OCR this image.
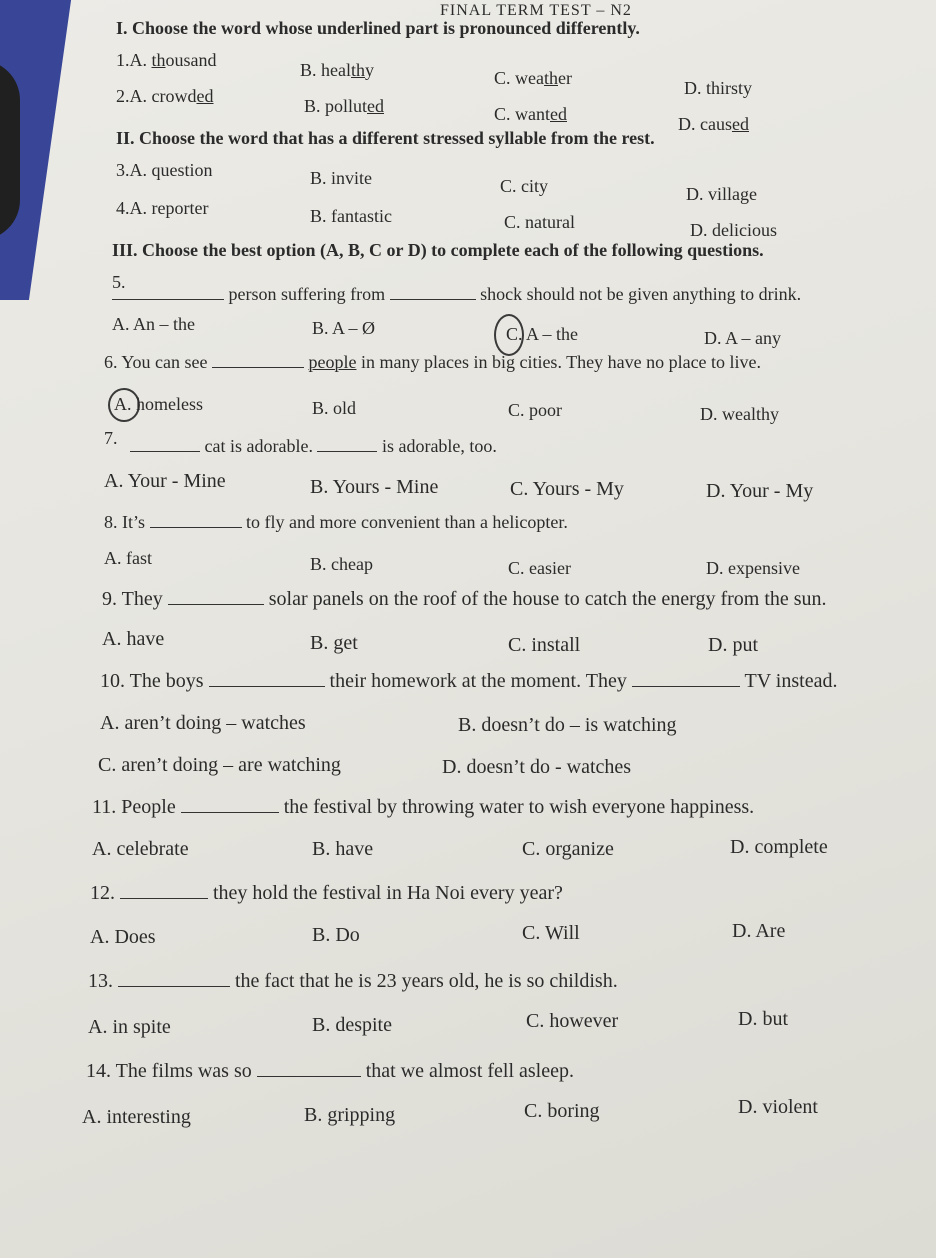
FINAL TERM TEST – N2
I. Choose the word whose underlined part is pronounced differently.
1.A. thousand	B. healthy	C. weather	D. thirsty
2.A. crowded	B. polluted	C. wanted	D. caused
II. Choose the word that has a different stressed syllable from the rest.
3.A. question	B. invite	C. city	D. village
4.A. reporter	B. fantastic	C. natural	D. delicious
III. Choose the best option (A, B, C or D) to complete each of the following questions.
5.
person suffering from	shock should not be given anything to drink.
A. An – the	B. A – Ø	C. A – the	D. A – any
6. You can see	people in many places in big cities. They have no place to live.
A. homeless	B. old	C. poor	D. wealthy
7.	cat is adorable.	is adorable, too.
A. Your - Mine	B. Yours - Mine	C. Yours - My	D. Your - My
8. It’s	to fly and more convenient than a helicopter.
A. fast	B. cheap	C. easier	D. expensive
9. They	solar panels on the roof of the house to catch the energy from the sun.
A. have	B. get	C. install	D. put
10. The boys	their homework at the moment. They	TV instead.
A. aren’t doing – watches	B. doesn’t do – is watching
C. aren’t doing – are watching	D. doesn’t do - watches
11. People	the festival by throwing water to wish everyone happiness.
A. celebrate	B. have	C. organize	D. complete
12.	they hold the festival in Ha Noi every year?
A. Does	B. Do	C. Will	D. Are
13.	the fact that he is 23 years old, he is so childish.
A. in spite	B. despite	C. however	D. but
14. The films was so	that we almost fell asleep.
A. interesting	B. gripping	C. boring	D. violent
